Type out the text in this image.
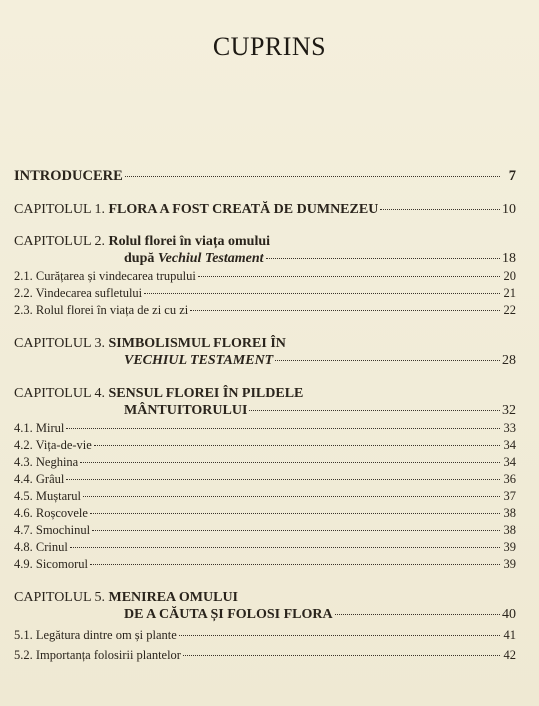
CUPRINS
INTRODUCERE	7
CAPITOLUL 1. FLORA A FOST CREATĂ DE DUMNEZEU	10
CAPITOLUL 2. Rolul florei în viața omului
după Vechiul Testament	18
2.1. Curățarea și vindecarea trupului	20
2.2. Vindecarea sufletului	21
2.3. Rolul florei în viața de zi cu zi	22
CAPITOLUL 3. SIMBOLISMUL FLOREI ÎN
VECHIUL TESTAMENT	28
CAPITOLUL 4. SENSUL FLOREI ÎN PILDELE
MÂNTUITORULUI	32
4.1. Mirul	33
4.2. Vița-de-vie	34
4.3. Neghina	34
4.4. Grâul	36
4.5. Muștarul	37
4.6. Roșcovele	38
4.7. Smochinul	38
4.8. Crinul	39
4.9. Sicomorul	39
CAPITOLUL 5. MENIREA OMULUI
DE A CĂUTA ȘI FOLOSI FLORA	40
5.1. Legătura dintre om și plante	41
5.2. Importanța folosirii plantelor	42
